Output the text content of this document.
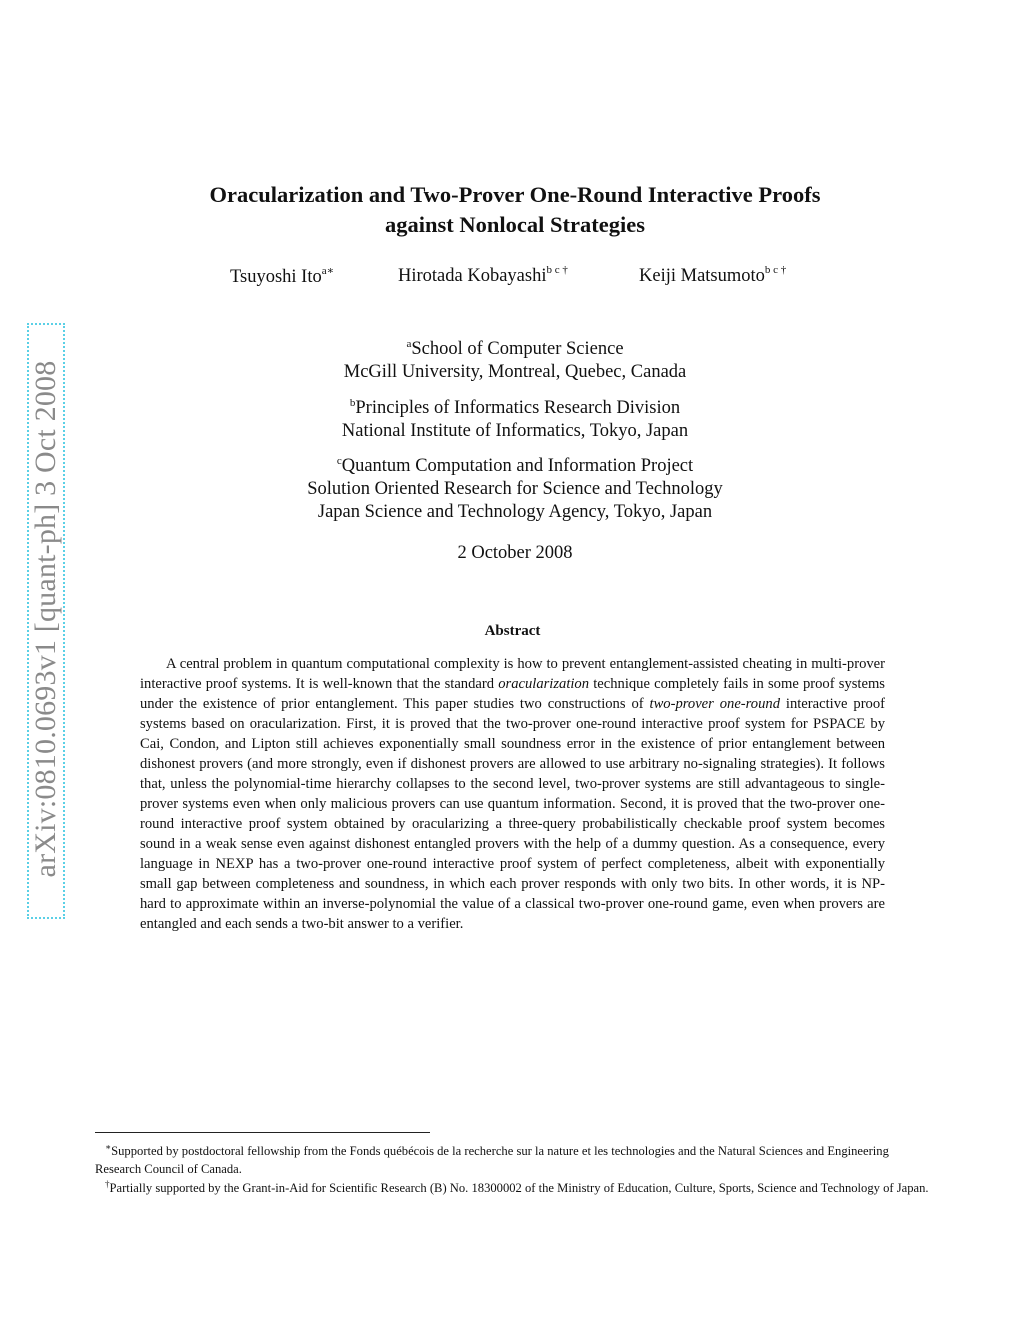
arXiv:0810.0693v1 [quant-ph] 3 Oct 2008
Oracularization and Two-Prover One-Round Interactive Proofs
against Nonlocal Strategies
Tsuyoshi Ito$^{a∗}$	Hirotada Kobayashi$^{b c \dagger}$	Keiji Matsumoto$^{b c \dagger}$
$^a$School of Computer Science
McGill University, Montreal, Quebec, Canada
$^b$Principles of Informatics Research Division
National Institute of Informatics, Tokyo, Japan
$^c$Quantum Computation and Information Project
Solution Oriented Research for Science and Technology
Japan Science and Technology Agency, Tokyo, Japan
2 October 2008
Abstract
A central problem in quantum computational complexity is how to prevent entanglement-assisted cheating in multi-prover interactive proof systems. It is well-known that the standard oracularization technique completely fails in some proof systems under the existence of prior entanglement. This paper studies two constructions of two-prover one-round interactive proof systems based on oracularization. First, it is proved that the two-prover one-round interactive proof system for PSPACE by Cai, Condon, and Lipton still achieves exponentially small soundness error in the existence of prior entanglement between dishonest provers (and more strongly, even if dishonest provers are allowed to use arbitrary no-signaling strategies). It follows that, unless the polynomial-time hierarchy collapses to the second level, two-prover systems are still advantageous to single-prover systems even when only malicious provers can use quantum information. Second, it is proved that the two-prover one-round interactive proof system obtained by oracularizing a three-query probabilistically checkable proof system becomes sound in a weak sense even against dishonest entangled provers with the help of a dummy question. As a consequence, every language in NEXP has a two-prover one-round interactive proof system of perfect completeness, albeit with exponentially small gap between completeness and soundness, in which each prover responds with only two bits. In other words, it is NP-hard to approximate within an inverse-polynomial the value of a classical two-prover one-round game, even when provers are entangled and each sends a two-bit answer to a verifier.
∗Supported by postdoctoral fellowship from the Fonds québécois de la recherche sur la nature et les technologies and the Natural Sciences and Engineering Research Council of Canada.
†Partially supported by the Grant-in-Aid for Scientific Research (B) No. 18300002 of the Ministry of Education, Culture, Sports, Science and Technology of Japan.
